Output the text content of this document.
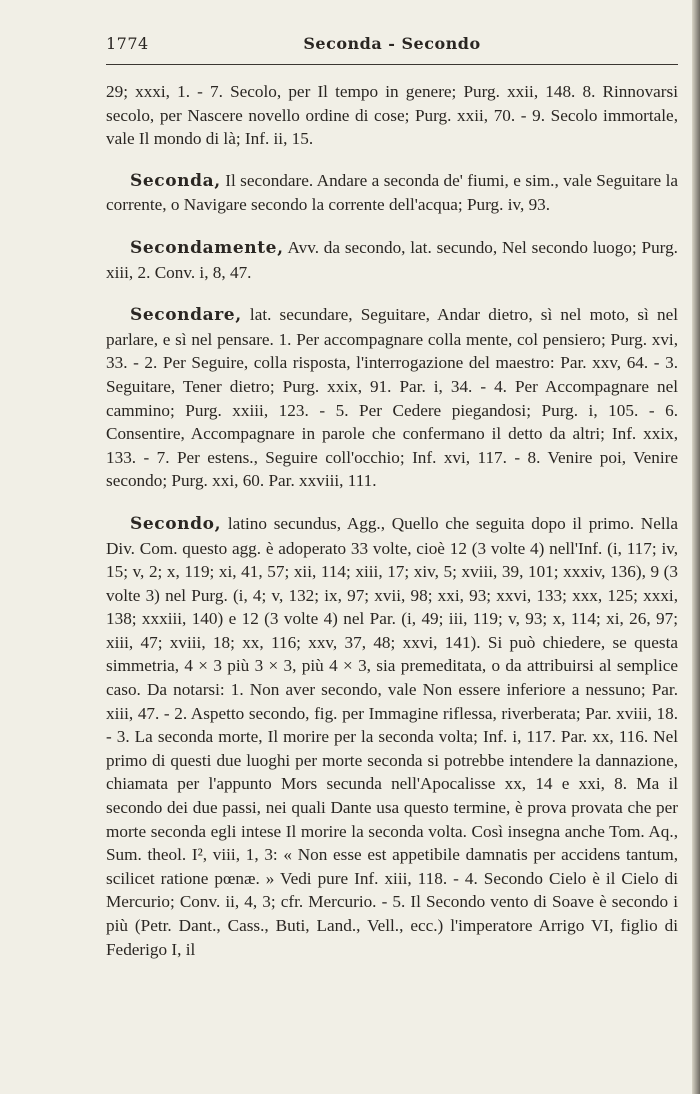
1774	Seconda - Secondo

29; xxxi, 1. - 7. Secolo, per Il tempo in genere; Purg. xxii, 148. 8. Rinnovarsi secolo, per Nascere novello ordine di cose; Purg. xxii, 70. - 9. Secolo immortale, vale Il mondo di là; Inf. ii, 15.

Seconda, Il secondare. Andare a seconda de' fiumi, e sim., vale Seguitare la corrente, o Navigare secondo la corrente dell'acqua; Purg. iv, 93.

Secondamente, Avv. da secondo, lat. secundo, Nel secondo luogo; Purg. xiii, 2. Conv. i, 8, 47.

Secondare, lat. secundare, Seguitare, Andar dietro, sì nel moto, sì nel parlare, e sì nel pensare. 1. Per accompagnare colla mente, col pensiero; Purg. xvi, 33. - 2. Per Seguire, colla risposta, l'interrogazione del maestro: Par. xxv, 64. - 3. Seguitare, Tener dietro; Purg. xxix, 91. Par. i, 34. - 4. Per Accompagnare nel cammino; Purg. xxiii, 123. - 5. Per Cedere piegandosi; Purg. i, 105. - 6. Consentire, Accompagnare in parole che confermano il detto da altri; Inf. xxix, 133. - 7. Per estens., Seguire coll'occhio; Inf. xvi, 117. - 8. Venire poi, Venire secondo; Purg. xxi, 60. Par. xxviii, 111.

Secondo, latino secundus, Agg., Quello che seguita dopo il primo. Nella Div. Com. questo agg. è adoperato 33 volte, cioè 12 (3 volte 4) nell'Inf. (i, 117; iv, 15; v, 2; x, 119; xi, 41, 57; xii, 114; xiii, 17; xiv, 5; xviii, 39, 101; xxxiv, 136), 9 (3 volte 3) nel Purg. (i, 4; v, 132; ix, 97; xvii, 98; xxi, 93; xxvi, 133; xxx, 125; xxxi, 138; xxxiii, 140) e 12 (3 volte 4) nel Par. (i, 49; iii, 119; v, 93; x, 114; xi, 26, 97; xiii, 47; xviii, 18; xx, 116; xxv, 37, 48; xxvi, 141). Si può chiedere, se questa simmetria, 4 × 3 più 3 × 3, più 4 × 3, sia premeditata, o da attribuirsi al semplice caso. Da notarsi: 1. Non aver secondo, vale Non essere inferiore a nessuno; Par. xiii, 47. - 2. Aspetto secondo, fig. per Immagine riflessa, riverberata; Par. xviii, 18. - 3. La seconda morte, Il morire per la seconda volta; Inf. i, 117. Par. xx, 116. Nel primo di questi due luoghi per morte seconda si potrebbe intendere la dannazione, chiamata per l'appunto Mors secunda nell'Apocalisse xx, 14 e xxi, 8. Ma il secondo dei due passi, nei quali Dante usa questo termine, è prova provata che per morte seconda egli intese Il morire la seconda volta. Così insegna anche Tom. Aq., Sum. theol. I², viii, 1, 3: « Non esse est appetibile damnatis per accidens tantum, scilicet ratione pœnæ. » Vedi pure Inf. xiii, 118. - 4. Secondo Cielo è il Cielo di Mercurio; Conv. ii, 4, 3; cfr. Mercurio. - 5. Il Secondo vento di Soave è secondo i più (Petr. Dant., Cass., Buti, Land., Vell., ecc.) l'imperatore Arrigo VI, figlio di Federigo I, il
